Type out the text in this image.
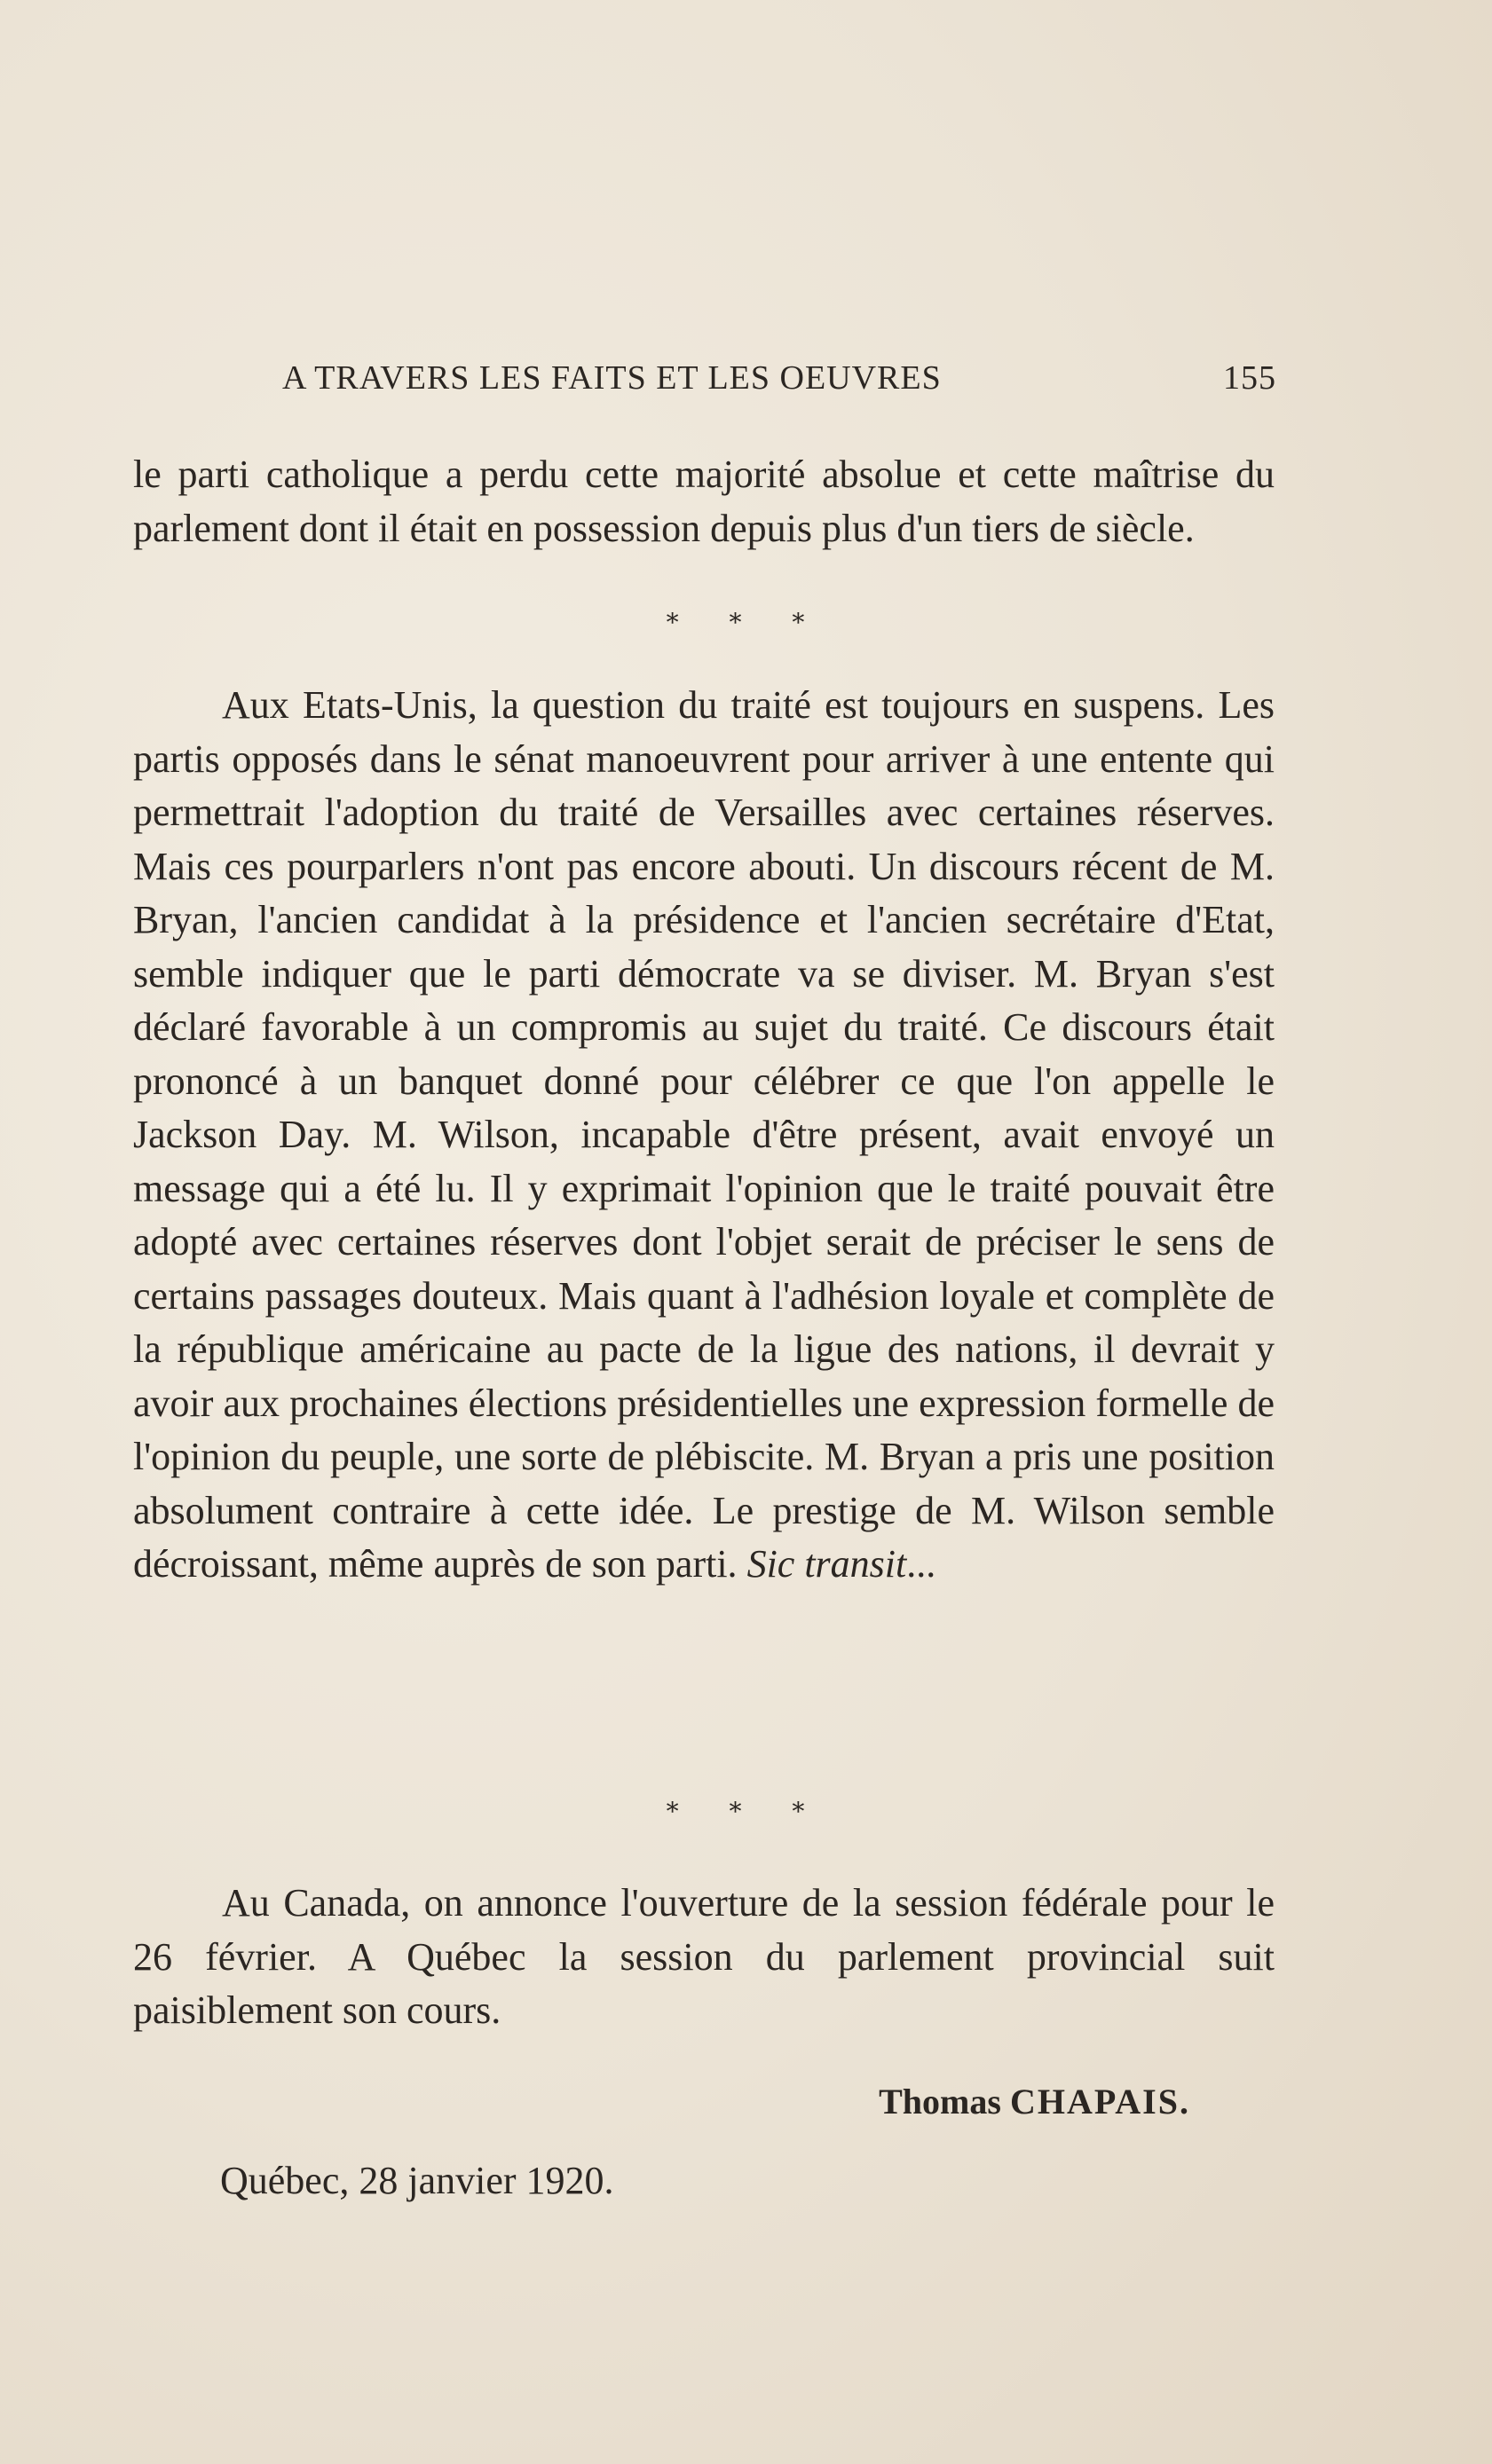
A TRAVERS LES FAITS ET LES OEUVRES	155

le parti catholique a perdu cette majorité absolue et cette maîtrise du parlement dont il était en possession depuis plus d'un tiers de siècle.

* * *

Aux Etats-Unis, la question du traité est toujours en suspens. Les partis opposés dans le sénat manoeuvrent pour arriver à une entente qui permettrait l'adoption du traité de Versailles avec certaines réserves. Mais ces pourparlers n'ont pas encore abouti. Un discours récent de M. Bryan, l'ancien candidat à la présidence et l'ancien secrétaire d'Etat, semble indiquer que le parti démocrate va se diviser. M. Bryan s'est déclaré favorable à un compromis au sujet du traité. Ce discours était prononcé à un banquet donné pour célébrer ce que l'on appelle le Jackson Day. M. Wilson, incapable d'être présent, avait envoyé un message qui a été lu. Il y exprimait l'opinion que le traité pouvait être adopté avec certaines réserves dont l'objet serait de préciser le sens de certains passages douteux. Mais quant à l'adhésion loyale et complète de la république américaine au pacte de la ligue des nations, il devrait y avoir aux prochaines élections présidentielles une expression formelle de l'opinion du peuple, une sorte de plébiscite. M. Bryan a pris une position absolument contraire à cette idée. Le prestige de M. Wilson semble décroissant, même auprès de son parti. Sic transit...

* * *

Au Canada, on annonce l'ouverture de la session fédérale pour le 26 février. A Québec la session du parlement provincial suit paisiblement son cours.

Thomas CHAPAIS.
Québec, 28 janvier 1920.
